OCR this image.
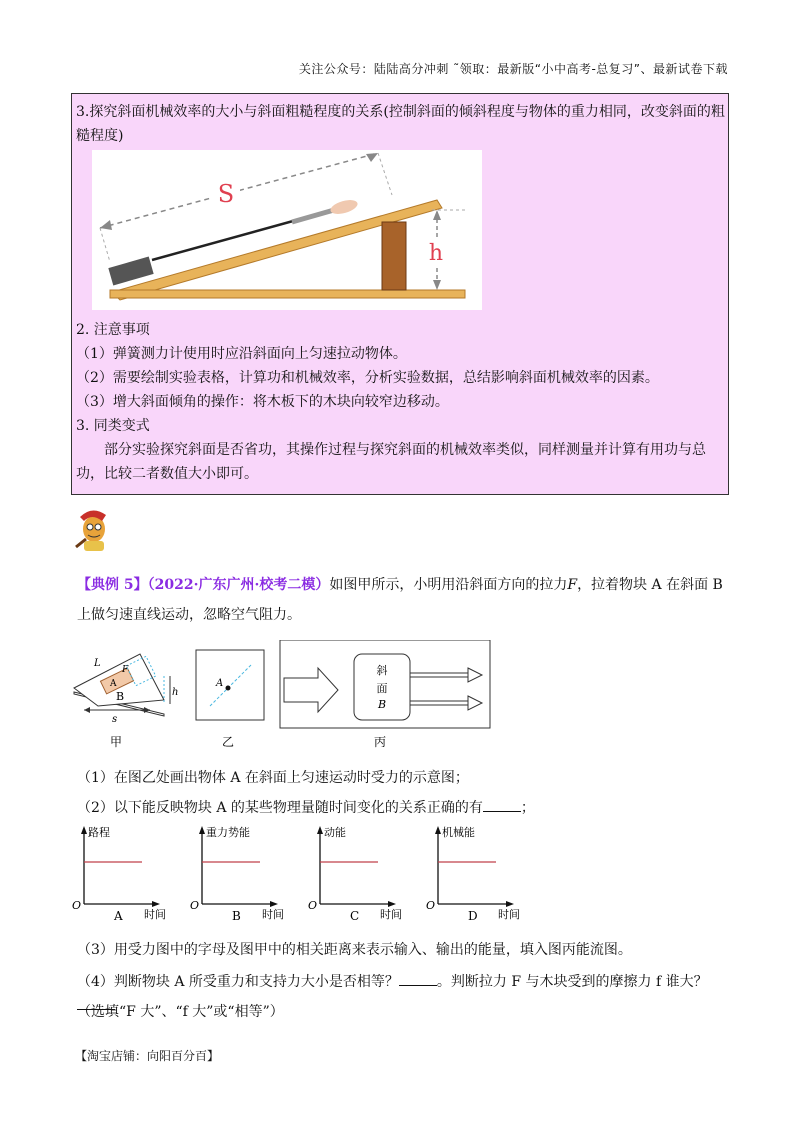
关注公众号：陆陆高分冲刺 ˜领取：最新版“小中高考-总复习”、最新试卷下载

3.探究斜面机械效率的大小与斜面粗糙程度的关系(控制斜面的倾斜程度与物体的重力相同，改变斜面的粗糙程度)

S
h

2. 注意事项

（1）弹簧测力计使用时应沿斜面向上匀速拉动物体。

（2）需要绘制实验表格，计算功和机械效率，分析实验数据，总结影响斜面机械效率的因素。

（3）增大斜面倾角的操作：将木板下的木块向较窄边移动。

3. 同类变式

部分实验探究斜面是否省功，其操作过程与探究斜面的机械效率类似，同样测量并计算有用功与总功，比较二者数值大小即可。

【典例 5】（2022·广东广州·校考二模）如图甲所示，小明用沿斜面方向的拉力F，拉着物块 A 在斜面 B 上做匀速直线运动，忽略空气阻力。
h
L
F
A
B
s
甲
A
乙
斜
面
B
丙
（1）在图乙处画出物体 A 在斜面上匀速运动时受力的示意图；
（2）以下能反映物块 A 的某些物理量随时间变化的关系正确的有	；
路程
O
时间
A
重力势能
O
时间
B
动能
O
时间
C
机械能
O
时间
D
（3）用受力图中的字母及图甲中的相关距离来表示输入、输出的能量，填入图丙能流图。
（4）判断物块 A 所受重力和支持力大小是否相等？	。判断拉力 F 与木块受到的摩擦力 f 谁大？
（选填“F 大”、“f 大”或“相等”）
【淘宝店铺：向阳百分百】
